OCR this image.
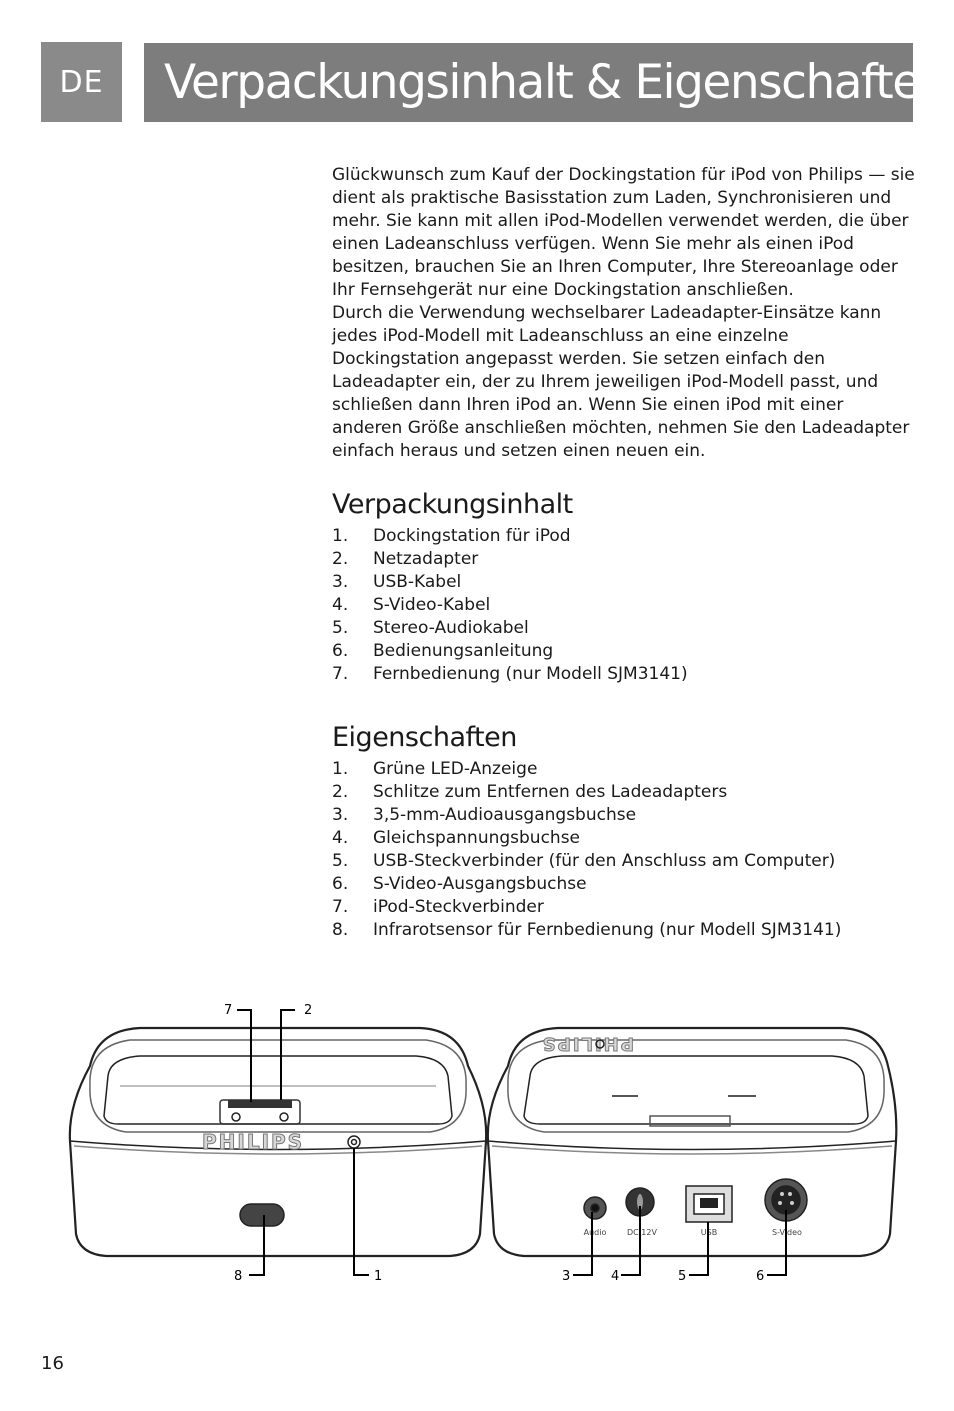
DE	Verpackungsinhalt & Eigenschaften

Glückwunsch zum Kauf der Dockingstation für iPod von Philips — sie dient als praktische Basisstation zum Laden, Synchronisieren und mehr. Sie kann mit allen iPod-Modellen verwendet werden, die über einen Ladeanschluss verfügen. Wenn Sie mehr als einen iPod besitzen, brauchen Sie an Ihren Computer, Ihre Stereoanlage oder Ihr Fernsehgerät nur eine Dockingstation anschließen.

Durch die Verwendung wechselbarer Ladeadapter-Einsätze kann jedes iPod-Modell mit Ladeanschluss an eine einzelne Dockingstation angepasst werden. Sie setzen einfach den Ladeadapter ein, der zu Ihrem jeweiligen iPod-Modell passt, und schließen dann Ihren iPod an. Wenn Sie einen iPod mit einer anderen Größe anschließen möchten, nehmen Sie den Ladeadapter einfach heraus und setzen einen neuen ein.

Verpackungsinhalt
1.	Dockingstation für iPod
2.	Netzadapter
3.	USB-Kabel
4.	S-Video-Kabel
5.	Stereo-Audiokabel
6.	Bedienungsanleitung
7.	Fernbedienung (nur Modell SJM3141)
Eigenschaften
1.	Grüne LED-Anzeige
2.	Schlitze zum Entfernen des Ladeadapters
3.	3,5-mm-Audioausgangsbuchse
4.	Gleichspannungsbuchse
5.	USB-Steckverbinder (für den Anschluss am Computer)
6.	S-Video-Ausgangsbuchse
7.	iPod-Steckverbinder
8.	Infrarotsensor für Fernbedienung (nur Modell SJM3141)
PHILIPS
PHILIPS
Audio	DC 12V	USB	S-Video
7	2
8	1	3	4	5	6
16
